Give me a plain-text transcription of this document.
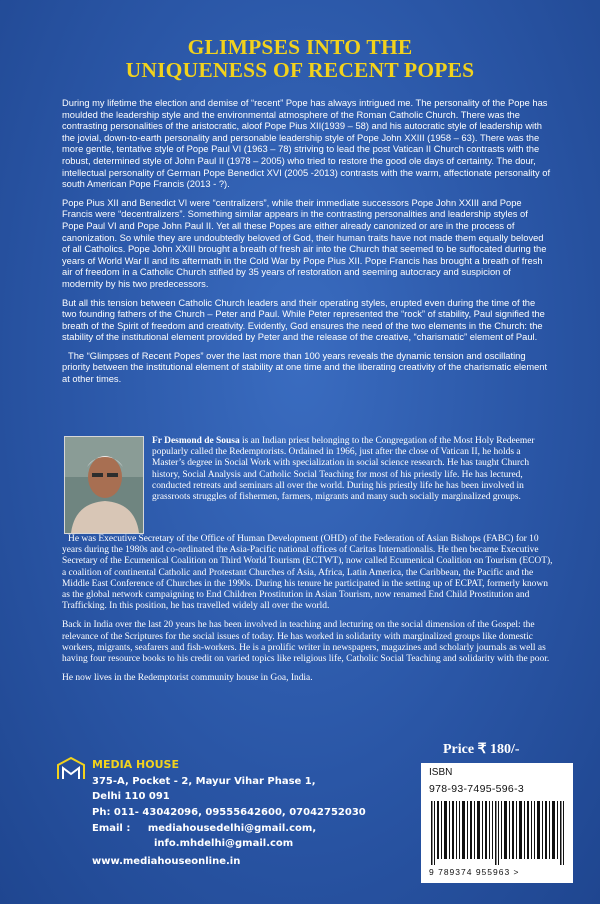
GLIMPSES INTO THE
UNIQUENESS OF RECENT POPES

During my lifetime the election and demise of “recent” Pope has always intrigued me. The personality of the Pope has moulded the leadership style and the environmental atmosphere of the Roman Catholic Church. There was the contrasting personalities of the aristocratic, aloof Pope Pius XII(1939 – 58) and his autocratic style of leadership with the jovial, down-to-earth personality and personable leadership style of Pope John XXIII (1958 – 63). There was the more gentle, tentative style of Pope Paul VI (1963 – 78) striving to lead the post Vatican II Church contrasts with the robust, determined style of John Paul II (1978 – 2005) who tried to restore the good ole days of certainty. The dour, intellectual personality of German Pope Benedict XVI (2005 -2013) contrasts with the warm, affectionate personality of south American Pope Francis (2013 - ?).

Pope Pius XII and Benedict VI were “centralizers”, while their immediate successors Pope John XXIII and Pope Francis were “decentralizers”. Something similar appears in the contrasting personalities and leadership styles of Pope Paul VI and Pope John Paul II. Yet all these Popes are either already canonized or are in the process of canonization. So while they are undoubtedly beloved of God, their human traits have not made them equally beloved of all Catholics. Pope John XXIII brought a breath of fresh air into the Church that seemed to be suffocated during the years of World War II and its aftermath in the Cold War by Pope Pius XII. Pope Francis has brought a breath of fresh air of freedom in a Catholic Church stifled by 35 years of restoration and seeming autocracy and suspicion of modernity by his two predecessors.

But all this tension between Catholic Church leaders and their operating styles, erupted even during the time of the two founding fathers of the Church – Peter and Paul. While Peter represented the “rock” of stability, Paul signified the breath of the Spirit of freedom and creativity. Evidently, God ensures the need of the two elements in the Church: the stability of the institutional element provided by Peter and the release of the creative, “charismatic” element of Paul.

The “Glimpses of Recent Popes” over the last more than 100 years reveals the dynamic tension and oscillating priority between the institutional element of stability at one time and the liberating creativity of the charismatic element at other times.

Fr Desmond de Sousa is an Indian priest belonging to the Congregation of the Most Holy Redeemer popularly called the Redemptorists. Ordained in 1966, just after the close of Vatican II, he holds a Master’s degree in Social Work with specialization in social science research. He has taught Church history, Social Analysis and Catholic Social Teaching for most of his priestly life. He has lectured, conducted retreats and seminars all over the world. During his priestly life he has been involved in grassroots struggles of fishermen, farmers, migrants and many such socially marginalized groups.

He was Executive Secretary of the Office of Human Development (OHD) of the Federation of Asian Bishops (FABC) for 10 years during the 1980s and co-ordinated the Asia-Pacific national offices of Caritas Internationalis. He then became Executive Secretary of the Ecumenical Coalition on Third World Tourism (ECTWT), now called Ecumenical Coalition on Tourism (ECOT), a coalition of continental Catholic and Protestant Churches of Asia, Africa, Latin America, the Caribbean, the Pacific and the Middle East Conference of Churches in the 1990s. During his tenure he participated in the setting up of ECPAT, formerly known as the global network campaigning to End Children Prostitution in Asian Tourism, now renamed End Child Prostitution and Trafficking. In this position, he has travelled widely all over the world.

Back in India over the last 20 years he has been involved in teaching and lecturing on the social dimension of the Gospel: the relevance of the Scriptures for the social issues of today. He has worked in solidarity with marginalized groups like domestic workers, migrants, seafarers and fish-workers. He is a prolific writer in newspapers, magazines and scholarly journals as well as having four resource books to his credit on varied topics like religious life, Catholic Social Teaching and solidarity with the poor.

He now lives in the Redemptorist community house in Goa, India.

Price ₹ 180/-
ISBN
978-93-7495-596-3
9 789374 955963 >
MEDIA HOUSE
375-A, Pocket - 2, Mayur Vihar Phase 1,
Delhi 110 091
Ph: 011- 43042096, 09555642600, 07042752030
Email : mediahousedelhi@gmail.com,
info.mhdelhi@gmail.com
www.mediahouseonline.in
